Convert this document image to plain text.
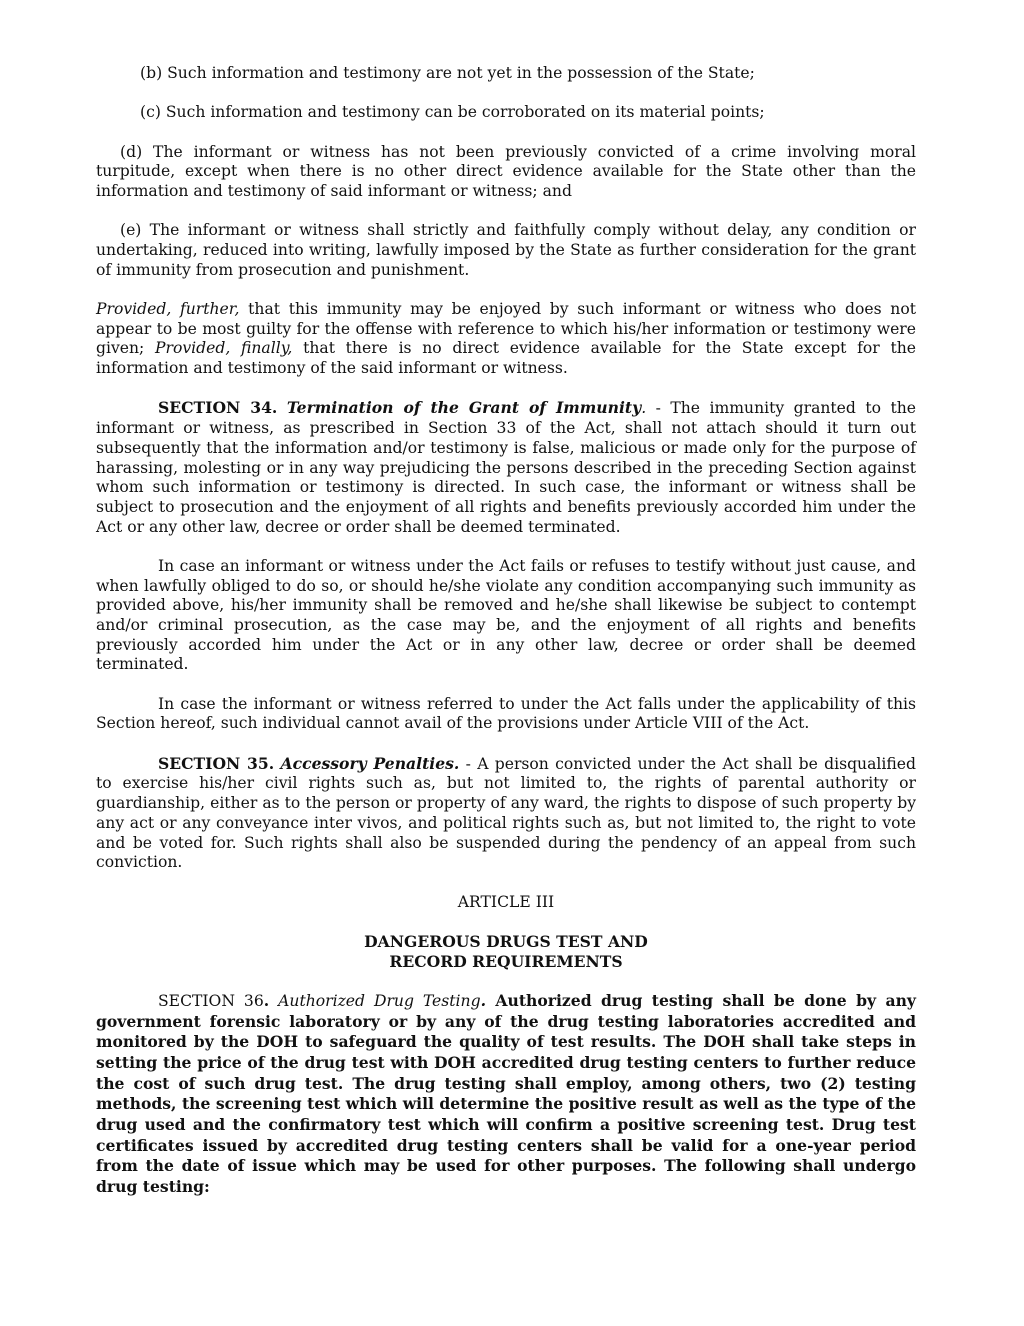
(b) Such information and testimony are not yet in the possession of the State;

(c) Such information and testimony can be corroborated on its material points;

(d) The informant or witness has not been previously convicted of a crime involving moral turpitude, except when there is no other direct evidence available for the State other than the information and testimony of said informant or witness; and

(e) The informant or witness shall strictly and faithfully comply without delay, any condition or undertaking, reduced into writing, lawfully imposed by the State as further consideration for the grant of immunity from prosecution and punishment.

Provided, further, that this immunity may be enjoyed by such informant or witness who does not appear to be most guilty for the offense with reference to which his/her information or testimony were given; Provided, finally, that there is no direct evidence available for the State except for the information and testimony of the said informant or witness.

SECTION 34. Termination of the Grant of Immunity. - The immunity granted to the informant or witness, as prescribed in Section 33 of the Act, shall not attach should it turn out subsequently that the information and/or testimony is false, malicious or made only for the purpose of harassing, molesting or in any way prejudicing the persons described in the preceding Section against whom such information or testimony is directed. In such case, the informant or witness shall be subject to prosecution and the enjoyment of all rights and benefits previously accorded him under the Act or any other law, decree or order shall be deemed terminated.

In case an informant or witness under the Act fails or refuses to testify without just cause, and when lawfully obliged to do so, or should he/she violate any condition accompanying such immunity as provided above, his/her immunity shall be removed and he/she shall likewise be subject to contempt and/or criminal prosecution, as the case may be, and the enjoyment of all rights and benefits previously accorded him under the Act or in any other law, decree or order shall be deemed terminated.

In case the informant or witness referred to under the Act falls under the applicability of this Section hereof, such individual cannot avail of the provisions under Article VIII of the Act.

SECTION 35. Accessory Penalties. - A person convicted under the Act shall be disqualified to exercise his/her civil rights such as, but not limited to, the rights of parental authority or guardianship, either as to the person or property of any ward, the rights to dispose of such property by any act or any conveyance inter vivos, and political rights such as, but not limited to, the right to vote and be voted for. Such rights shall also be suspended during the pendency of an appeal from such conviction.

ARTICLE III

DANGEROUS DRUGS TEST AND
RECORD REQUIREMENTS

SECTION 36. Authorized Drug Testing. Authorized drug testing shall be done by any government forensic laboratory or by any of the drug testing laboratories accredited and monitored by the DOH to safeguard the quality of test results. The DOH shall take steps in setting the price of the drug test with DOH accredited drug testing centers to further reduce the cost of such drug test. The drug testing shall employ, among others, two (2) testing methods, the screening test which will determine the positive result as well as the type of the drug used and the confirmatory test which will confirm a positive screening test. Drug test certificates issued by accredited drug testing centers shall be valid for a one-year period from the date of issue which may be used for other purposes. The following shall undergo drug testing:
